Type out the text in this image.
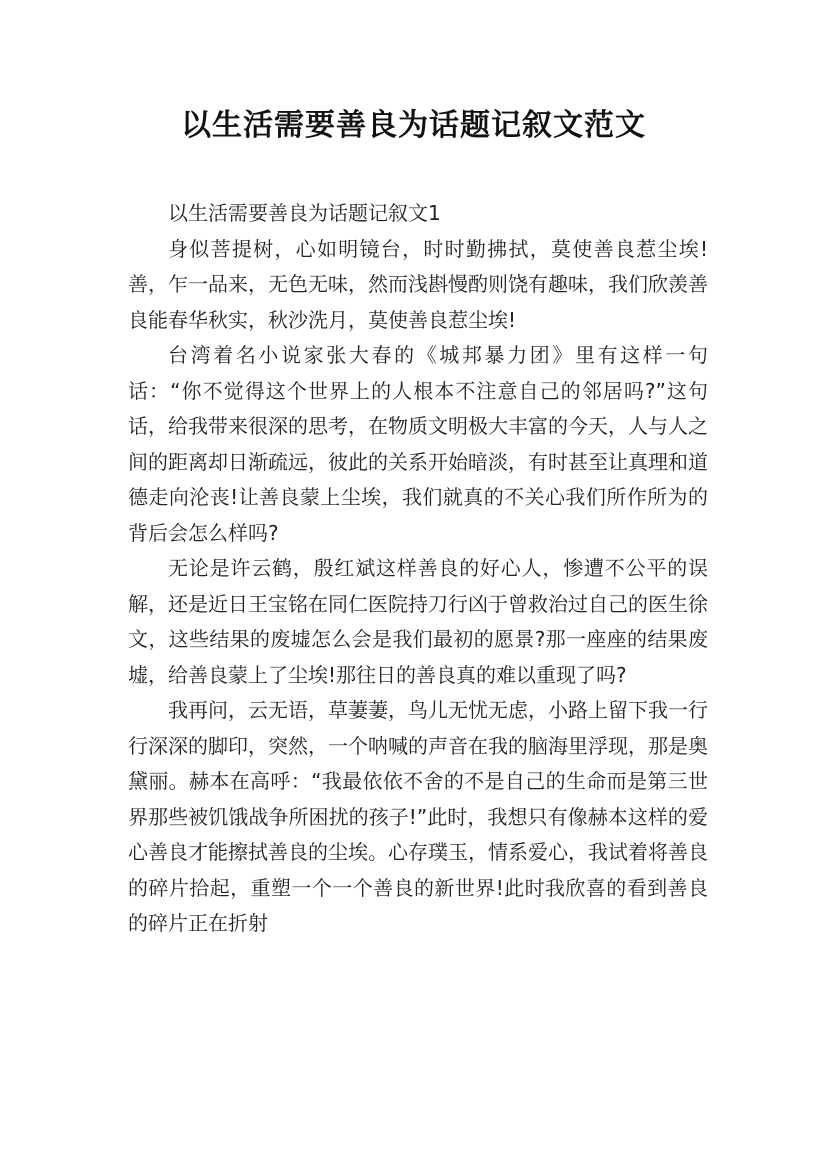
以生活需要善良为话题记叙文范文

以生活需要善良为话题记叙文1

身似菩提树，心如明镜台，时时勤拂拭，莫使善良惹尘埃!善，乍一品来，无色无味，然而浅斟慢酌则饶有趣味，我们欣羡善良能春华秋实，秋沙洗月，莫使善良惹尘埃!

台湾着名小说家张大春的《城邦暴力团》里有这样一句话：“你不觉得这个世界上的人根本不注意自己的邻居吗?”这句话，给我带来很深的思考，在物质文明极大丰富的今天，人与人之间的距离却日渐疏远，彼此的关系开始暗淡，有时甚至让真理和道德走向沦丧!让善良蒙上尘埃，我们就真的不关心我们所作所为的背后会怎么样吗?

无论是许云鹤，殷红斌这样善良的好心人，惨遭不公平的误解，还是近日王宝铭在同仁医院持刀行凶于曾救治过自己的医生徐文，这些结果的废墟怎么会是我们最初的愿景?那一座座的结果废墟，给善良蒙上了尘埃!那往日的善良真的难以重现了吗?

我再问，云无语，草萋萋，鸟儿无忧无虑，小路上留下我一行行深深的脚印，突然，一个呐喊的声音在我的脑海里浮现，那是奥黛丽。赫本在高呼：“我最依依不舍的不是自己的生命而是第三世界那些被饥饿战争所困扰的孩子!”此时，我想只有像赫本这样的爱心善良才能擦拭善良的尘埃。心存璞玉，情系爱心，我试着将善良的碎片拾起，重塑一个一个善良的新世界!此时我欣喜的看到善良的碎片正在折射
